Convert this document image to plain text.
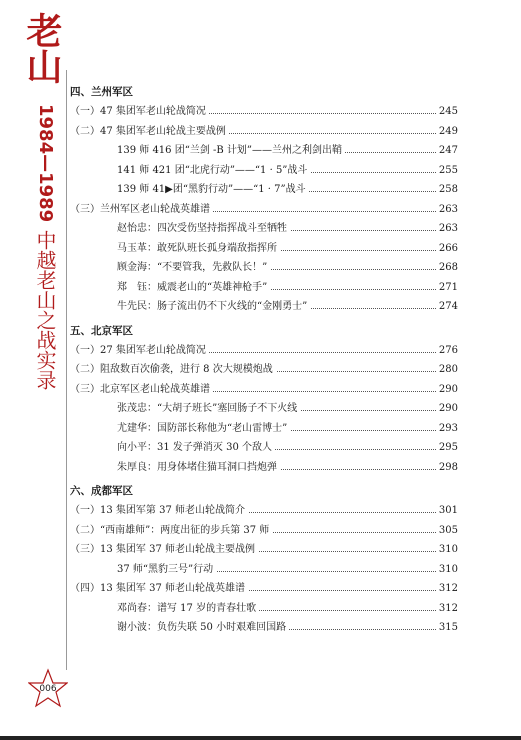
老山
1984—1989
中越老山之战实录
四、兰州军区
（一）47 集团军老山轮战简况	245
（二）47 集团军老山轮战主要战例	249
139 师 416 团“兰剑 -B 计划”——兰州之利剑出鞘	247
141 师 421 团“北虎行动”——“1 · 5”战斗	255
139 师 41▶团“黑豹行动”——“1 · 7”战斗	258
（三）兰州军区老山轮战英雄谱	263
赵怡忠：四次受伤坚持指挥战斗至牺牲	263
马玉革：敢死队班长孤身端敌指挥所	266
顾金海：“不要管我，先救队长！”	268
郑　钰：威震老山的“英雄神枪手”	271
牛先民：肠子流出仍不下火线的“金刚勇士”	274
五、北京军区
（一）27 集团军老山轮战简况	276
（二）阻敌数百次偷袭，进行 8 次大规模炮战	280
（三）北京军区老山轮战英雄谱	290
张茂忠：“大胡子班长”塞回肠子不下火线	290
尤建华：国防部长称他为“老山雷博士”	293
向小平：31 发子弹消灭 30 个敌人	295
朱厚良：用身体堵住猫耳洞口挡炮弹	298
六、成都军区
（一）13 集团军第 37 师老山轮战简介	301
（二）“西南雄师”：两度出征的步兵第 37 师	305
（三）13 集团军 37 师老山轮战主要战例	310
37 师“黑豹三号”行动	310
（四）13 集团军 37 师老山轮战英雄谱	312
邓尚春：谱写 17 岁的青春壮歌	312
谢小波：负伤失联 50 小时艰难回国路	315
006
